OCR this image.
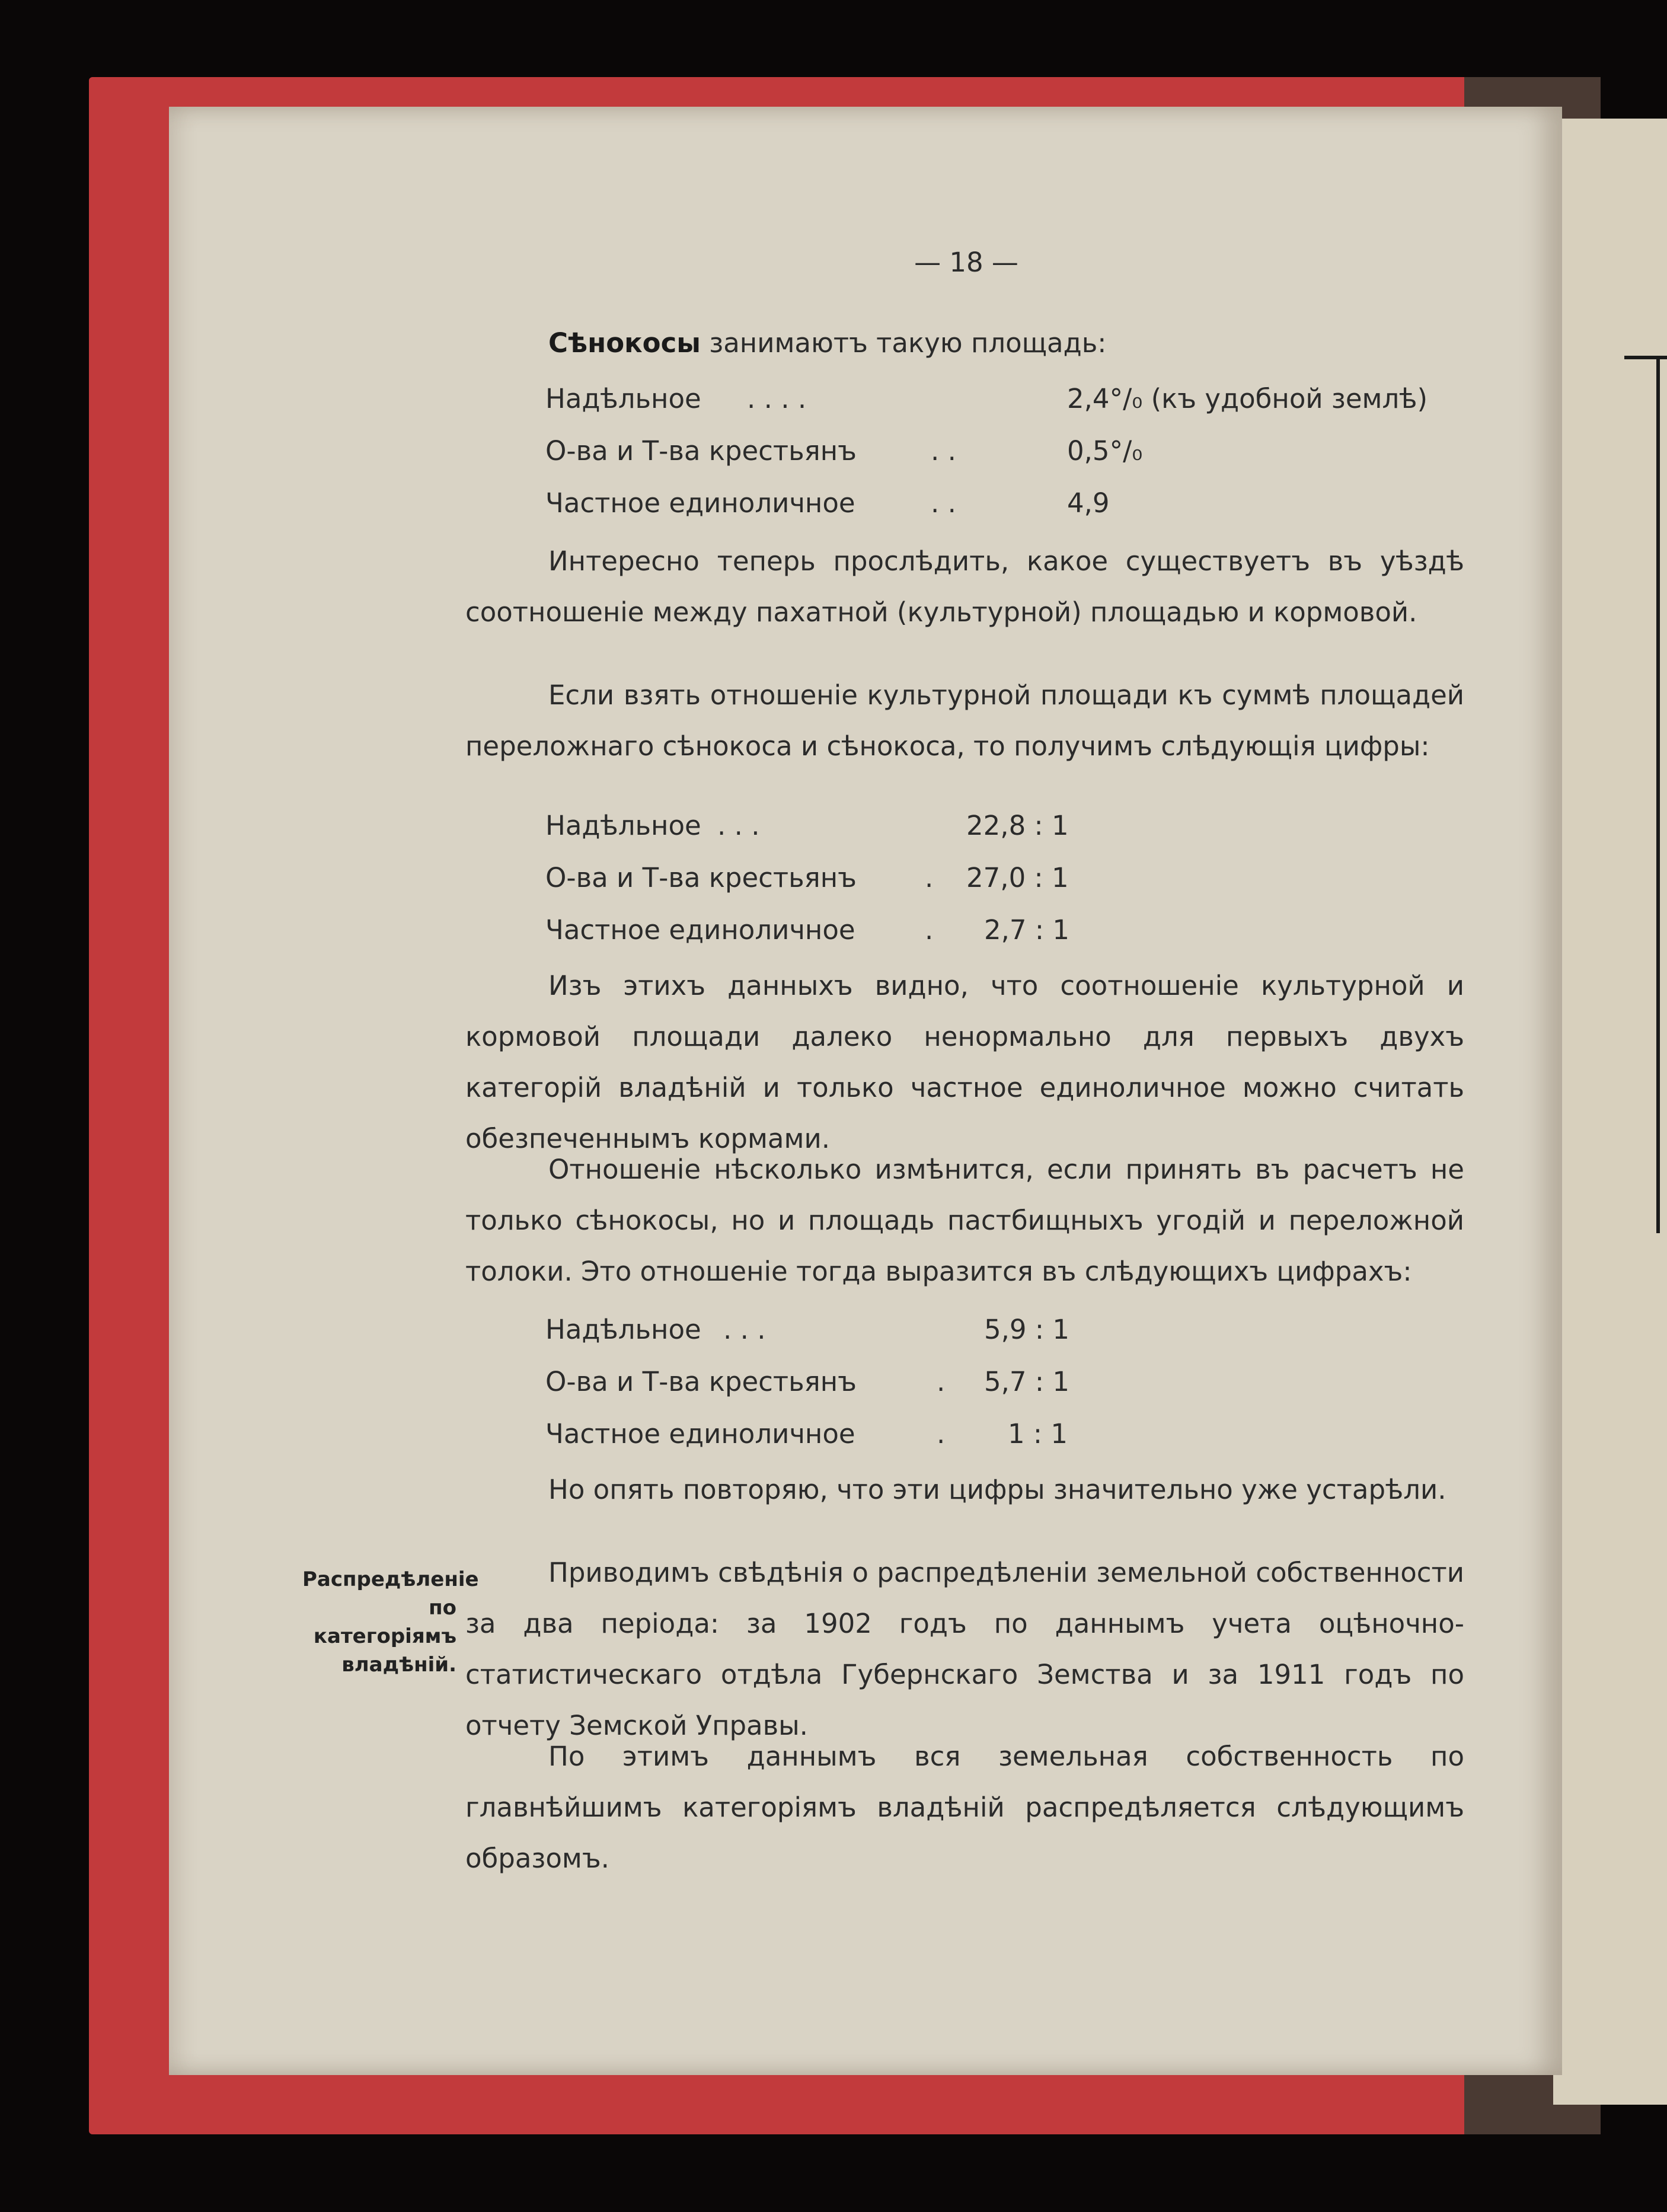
— 18 —
Сѣнокосы занимаютъ такую площадь:
Надѣльное . . . .	2,4°/₀ (къ удобной землѣ)
О-ва и Т-ва крестьянъ	. .	0,5°/₀
Частное единоличное	. .	4,9
Интересно теперь прослѣдить, какое существуетъ въ уѣздѣ соотношеніе между пахатной (культурной) площадью и кормовой.
Если взять отношеніе культурной площади къ суммѣ площадей переложнаго сѣнокоса и сѣнокоса, то получимъ слѣдующія цифры:
Надѣльное . . .	22,8 : 1
О-ва и Т-ва крестьянъ	. 27,0 : 1
Частное единоличное	. 2,7 : 1
Изъ этихъ данныхъ видно, что соотношеніе культурной и кормовой площади далеко ненормально для первыхъ двухъ категорій владѣній и только частное единоличное можно считать обезпеченнымъ кормами.
Отношеніе нѣсколько измѣнится, если принять въ расчетъ не только сѣнокосы, но и площадь пастбищныхъ угодій и переложной толоки. Это отношеніе тогда выразится въ слѣдующихъ цифрахъ:
Надѣльное . . .	5,9 : 1
О-ва и Т-ва крестьянъ	. 5,7 : 1
Частное единоличное	. 1 : 1
Но опять повторяю, что эти цифры значительно уже устарѣли.
Распредѣленіе по категоріямъ владѣній.
Приводимъ свѣдѣнія о распредѣленіи земельной собственности за два періода: за 1902 годъ по даннымъ учета оцѣночно-статистическаго отдѣла Губернскаго Земства и за 1911 годъ по отчету Земской Управы.
По этимъ даннымъ вся земельная собственность по главнѣйшимъ категоріямъ владѣній распредѣляется слѣдующимъ образомъ.
